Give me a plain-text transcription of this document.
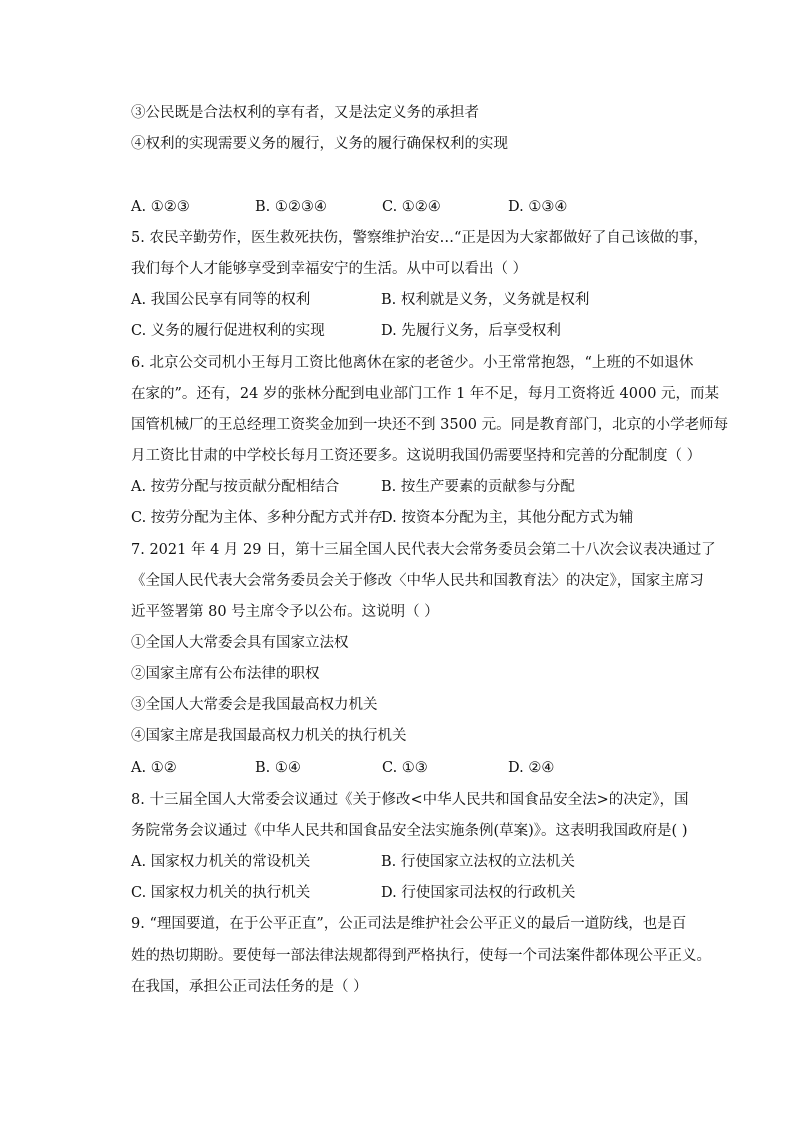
③公民既是合法权利的享有者，又是法定义务的承担者
④权利的实现需要义务的履行，义务的履行确保权利的实现
A. ①②③	B. ①②③④	C. ①②④	D. ①③④
5. 农民辛勤劳作，医生救死扶伤，警察维护治安…“正是因为大家都做好了自己该做的事，
我们每个人才能够享受到幸福安宁的生活。从中可以看出（ ）
A. 我国公民享有同等的权利	B. 权利就是义务，义务就是权利
C. 义务的履行促进权利的实现	D. 先履行义务，后享受权利
6. 北京公交司机小王每月工资比他离休在家的老爸少。小王常常抱怨，“上班的不如退休
在家的”。还有，24 岁的张林分配到电业部门工作 1 年不足，每月工资将近 4000 元，而某
国管机械厂的王总经理工资奖金加到一块还不到 3500 元。同是教育部门，北京的小学老师每
月工资比甘肃的中学校长每月工资还要多。这说明我国仍需要坚持和完善的分配制度（ ）
A. 按劳分配与按贡献分配相结合	B. 按生产要素的贡献参与分配
C. 按劳分配为主体、多种分配方式并存
D. 按资本分配为主，其他分配方式为辅
7. 2021 年 4 月 29 日，第十三届全国人民代表大会常务委员会第二十八次会议表决通过了
《全国人民代表大会常务委员会关于修改〈中华人民共和国教育法〉的决定》，国家主席习
近平签署第 80 号主席令予以公布。这说明（ ）
①全国人大常委会具有国家立法权
②国家主席有公布法律的职权
③全国人大常委会是我国最高权力机关
④国家主席是我国最高权力机关的执行机关
A. ①②	B. ①④	C. ①③	D. ②④
8. 十三届全国人大常委会议通过《关于修改<中华人民共和国食品安全法>的决定》，国
务院常务会议通过《中华人民共和国食品安全法实施条例(草案)》。这表明我国政府是( )
A. 国家权力机关的常设机关	B. 行使国家立法权的立法机关
C. 国家权力机关的执行机关	D. 行使国家司法权的行政机关
9. “理国要道，在于公平正直”，公正司法是维护社会公平正义的最后一道防线，也是百
姓的热切期盼。要使每一部法律法规都得到严格执行，使每一个司法案件都体现公平正义。
在我国，承担公正司法任务的是（ ）
